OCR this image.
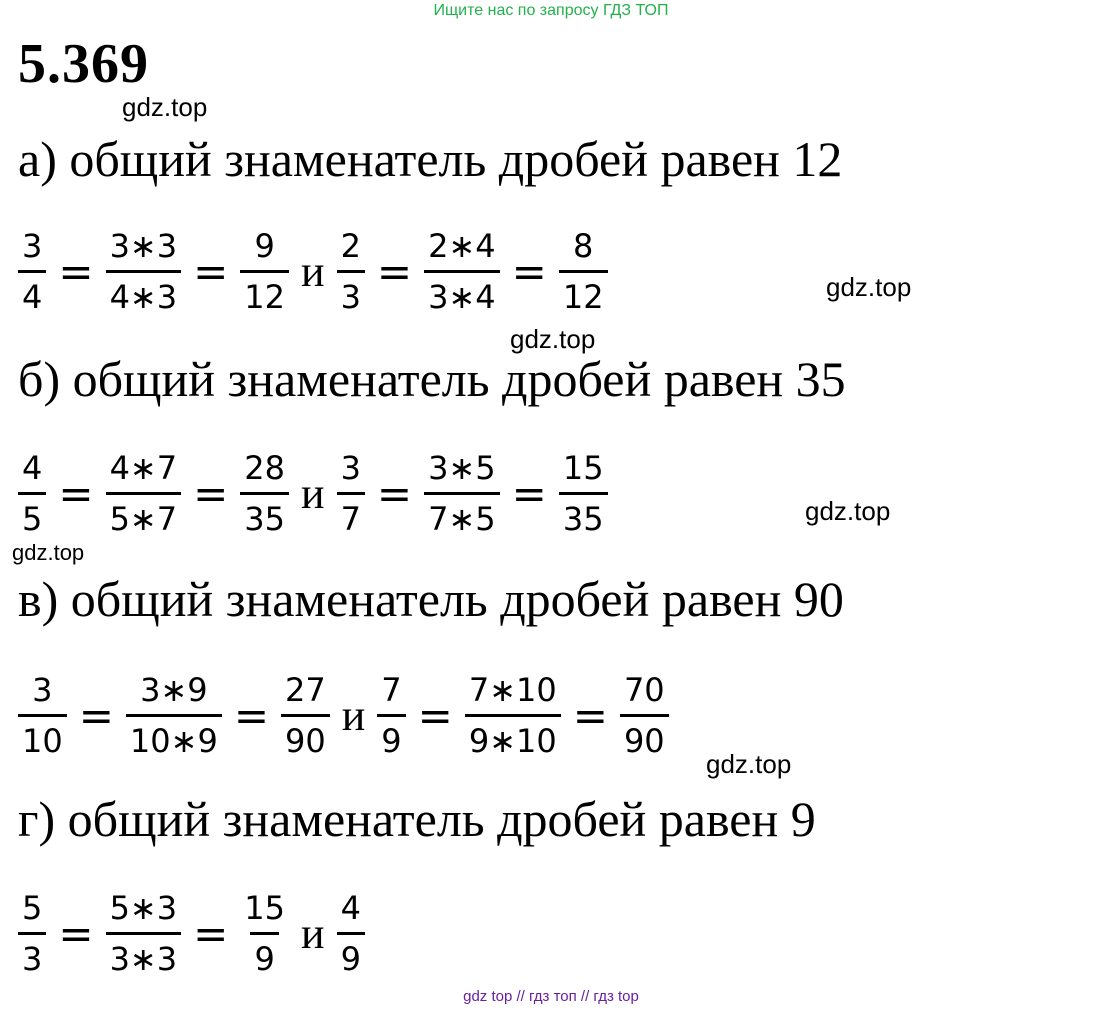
Ищите нас по запросу ГДЗ ТОП
5.369
gdz.top
gdz.top
gdz.top
gdz.top
gdz.top
gdz.top
а) общий знаменатель дробей равен 12
$\frac{3}{4} = \frac{3∗3}{4∗3} = \frac{9}{12}$ и $\frac{2}{3} = \frac{2∗4}{3∗4} = \frac{8}{12}$
б) общий знаменатель дробей равен 35
$\frac{4}{5} = \frac{4∗7}{5∗7} = \frac{28}{35}$ и $\frac{3}{7} = \frac{3∗5}{7∗5} = \frac{15}{35}$
в) общий знаменатель дробей равен 90
$\frac{3}{10} = \frac{3∗9}{10∗9} = \frac{27}{90}$ и $\frac{7}{9} = \frac{7∗10}{9∗10} = \frac{70}{90}$
г) общий знаменатель дробей равен 9
$\frac{5}{3} = \frac{5∗3}{3∗3} = \frac{15}{9}$ и $\frac{4}{9}$
gdz top // гдз топ // гдз top
